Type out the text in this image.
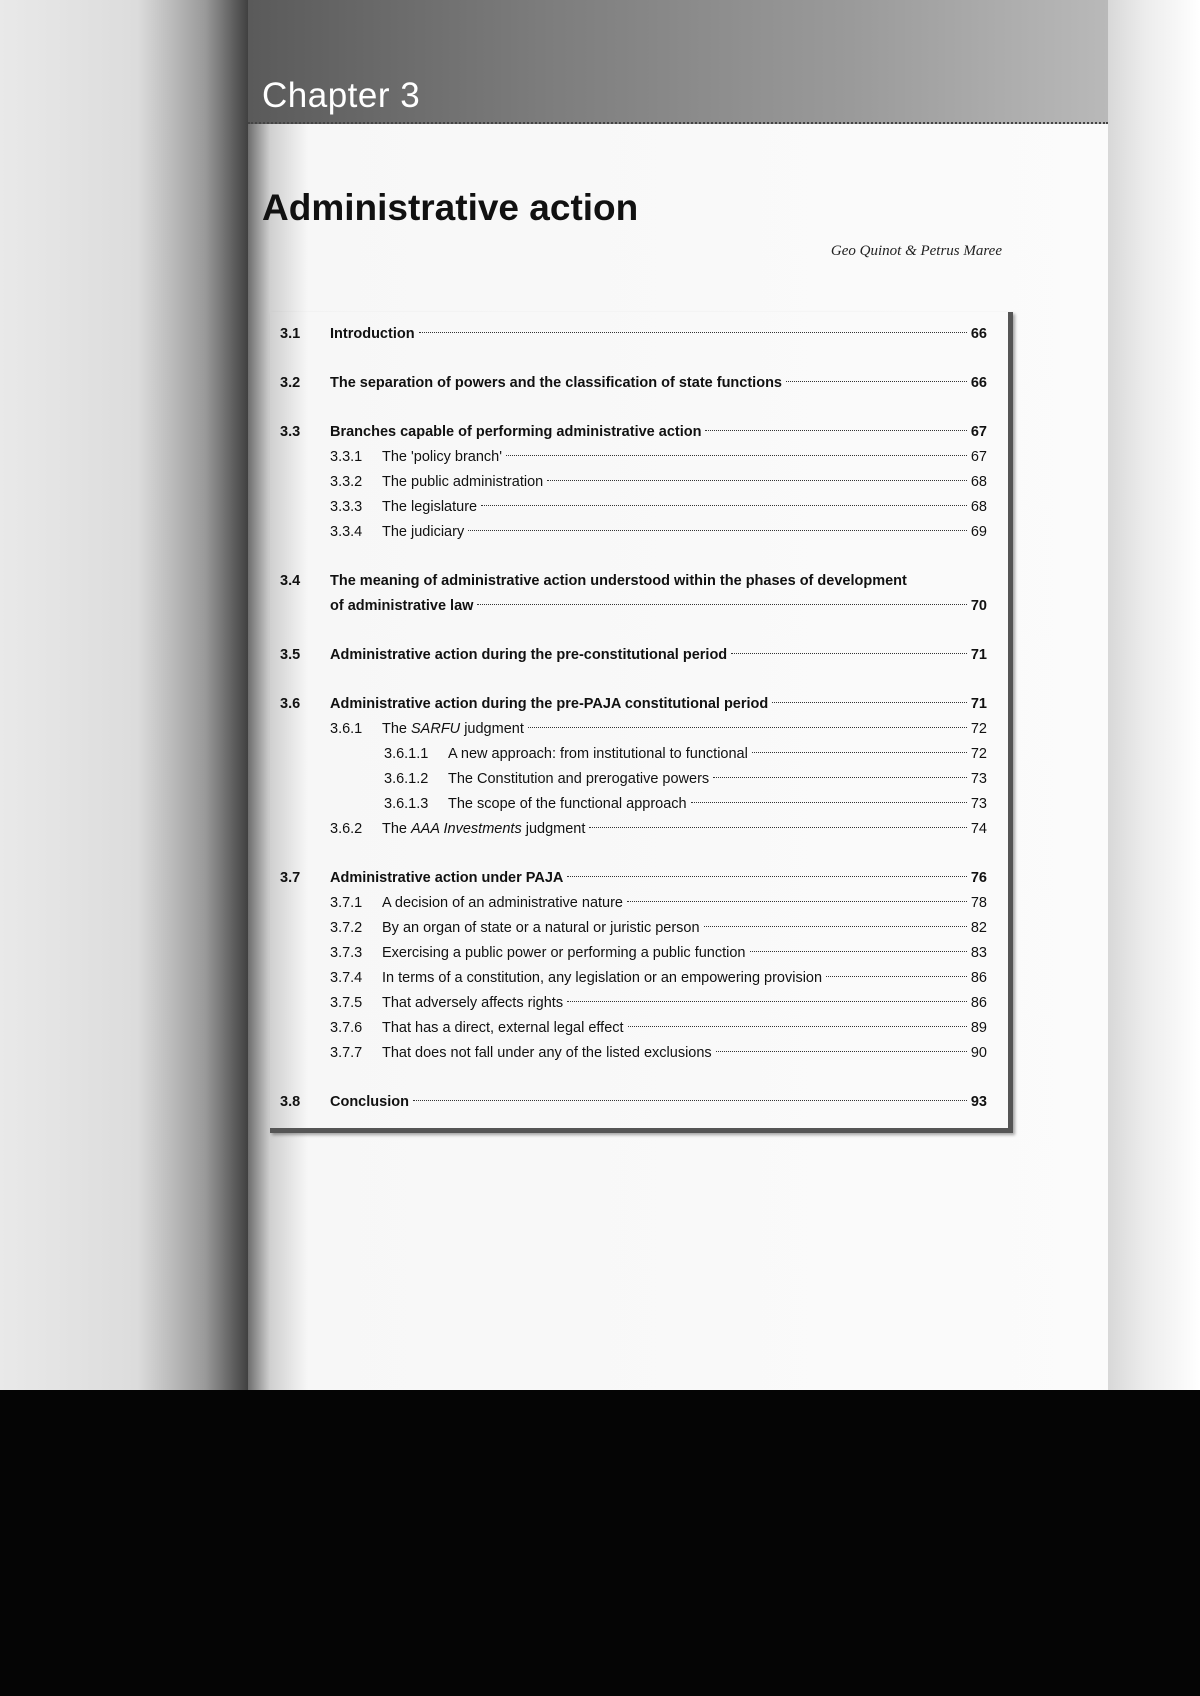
Chapter 3
Administrative action
Geo Quinot & Petrus Maree
3.1	Introduction	66
3.2	The separation of powers and the classification of state functions	66
3.3	Branches capable of performing administrative action	67
3.3.1	The 'policy branch'	67
3.3.2	The public administration	68
3.3.3	The legislature	68
3.3.4	The judiciary	69
3.4	The meaning of administrative action understood within the phases of development
of administrative law	70
3.5	Administrative action during the pre-constitutional period	71
3.6	Administrative action during the pre-PAJA constitutional period	71
3.6.1	The SARFU judgment	72
3.6.1.1	A new approach: from institutional to functional	72
3.6.1.2	The Constitution and prerogative powers	73
3.6.1.3	The scope of the functional approach	73
3.6.2	The AAA Investments judgment	74
3.7	Administrative action under PAJA	76
3.7.1	A decision of an administrative nature	78
3.7.2	By an organ of state or a natural or juristic person	82
3.7.3	Exercising a public power or performing a public function	83
3.7.4	In terms of a constitution, any legislation or an empowering provision	86
3.7.5	That adversely affects rights	86
3.7.6	That has a direct, external legal effect	89
3.7.7	That does not fall under any of the listed exclusions	90
3.8	Conclusion	93
